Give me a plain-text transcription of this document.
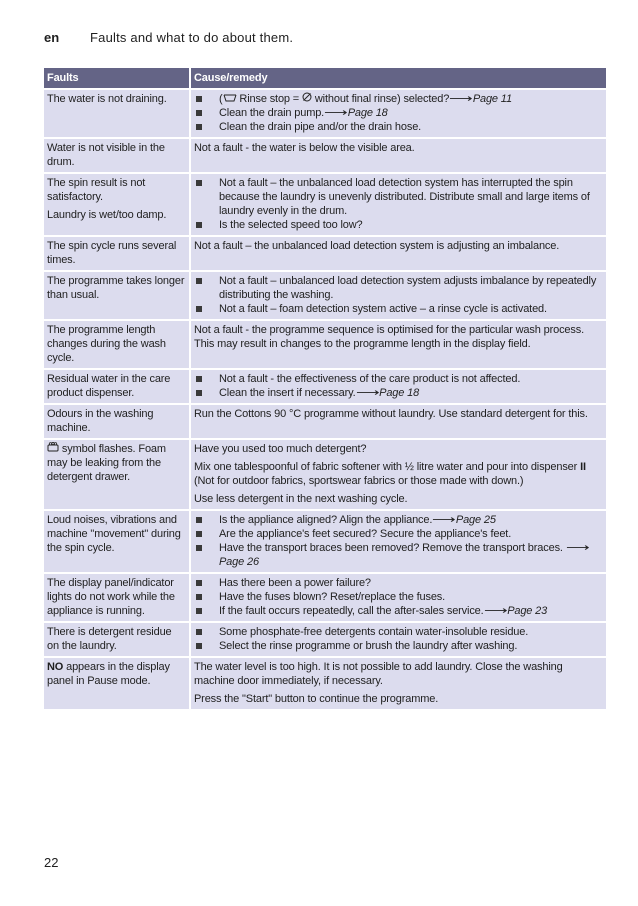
en Faults and what to do about them.
Faults	Cause/remedy
The water is not draining.	( Rinse stop =  without final rinse) selected?⟶Page 11
Clean the drain pump.⟶Page 18
Clean the drain pipe and/or the drain hose.
Water is not visible in the drum.
Not a fault - the water is below the visible area.

The spin result is not satisfactory.

Laundry is wet/too damp.

Not a fault – the unbalanced load detection system has interrupted the spin because the laundry is unevenly distributed. Distribute small and large items of laundry evenly in the drum.
Is the selected speed too low?
The spin cycle runs several times.
Not a fault – the unbalanced load detection system is adjusting an imbalance.
The programme takes longer than usual.
Not a fault – unbalanced load detection system adjusts imbalance by repeatedly distributing the washing.
Not a fault – foam detection system active – a rinse cycle is activated.
The programme length changes during the wash cycle.
Not a fault - the programme sequence is optimised for the particular wash process. This may result in changes to the programme length in the display field.
Residual water in the care product dispenser.
Not a fault - the effectiveness of the care product is not affected.
Clean the insert if necessary.⟶Page 18
Odours in the washing machine.
Run the Cottons 90 °C programme without laundry. Use standard detergent for this.
symbol flashes. Foam may be leaking from the detergent drawer.

Have you used too much detergent?

Mix one tablespoonful of fabric softener with ½ litre water and pour into dispenser II (Not for outdoor fabrics, sportswear fabrics or those made with down.)

Use less detergent in the next washing cycle.

Loud noises, vibrations and machine "movement" during the spin cycle.
Is the appliance aligned? Align the appliance.⟶Page 25
Are the appliance's feet secured? Secure the appliance's feet.
Have the transport braces been removed? Remove the transport braces. ⟶Page 26
The display panel/indicator lights do not work while the appliance is running.
Has there been a power failure?
Have the fuses blown? Reset/replace the fuses.
If the fault occurs repeatedly, call the after-sales service.⟶Page 23
There is detergent residue on the laundry.
Some phosphate-free detergents contain water-insoluble residue.
Select the rinse programme or brush the laundry after washing.
NO appears in the display panel in Pause mode.

The water level is too high. It is not possible to add laundry. Close the washing machine door immediately, if necessary.

Press the "Start" button to continue the programme.

22
